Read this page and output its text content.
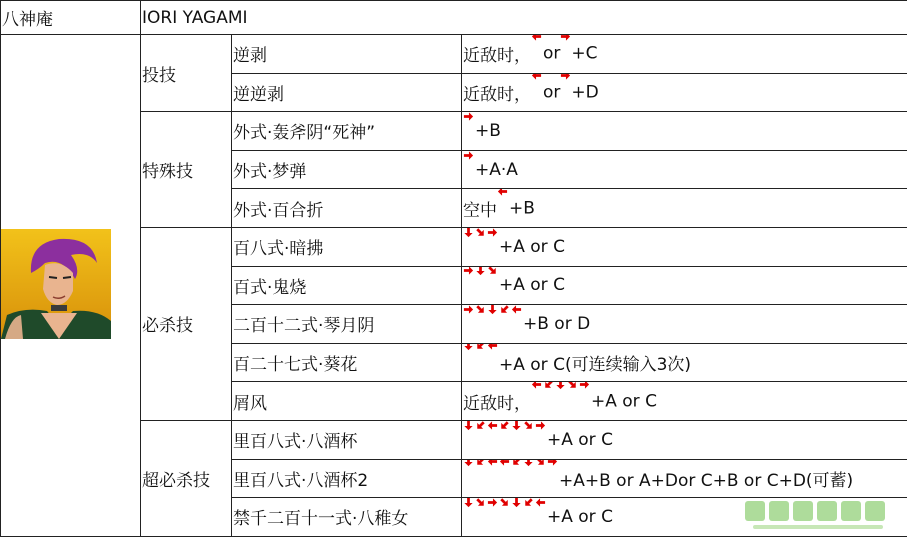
八神庵	IORI YAGAMI		
	投技	逆剥	近敌时， or +C
		逆逆剥	近敌时， or +D
	特殊技	外式·轰斧阴“死神”	+B
		外式·梦弹	+A·A
		外式·百合折	空中 +B
	必杀技	百八式·暗拂	+A or C
		百式·鬼烧	+A or C
		二百十二式·琴月阴	+B or D
		百二十七式·葵花	+A or C(可连续输入3次)
		屑风	近敌时， +A or C
	超必杀技	里百八式·八酒杯	+A or C
		里百八式·八酒杯2	+A+B or A+Dor C+B or C+D(可蓄)
		禁千二百十一式·八稚女	+A or C
